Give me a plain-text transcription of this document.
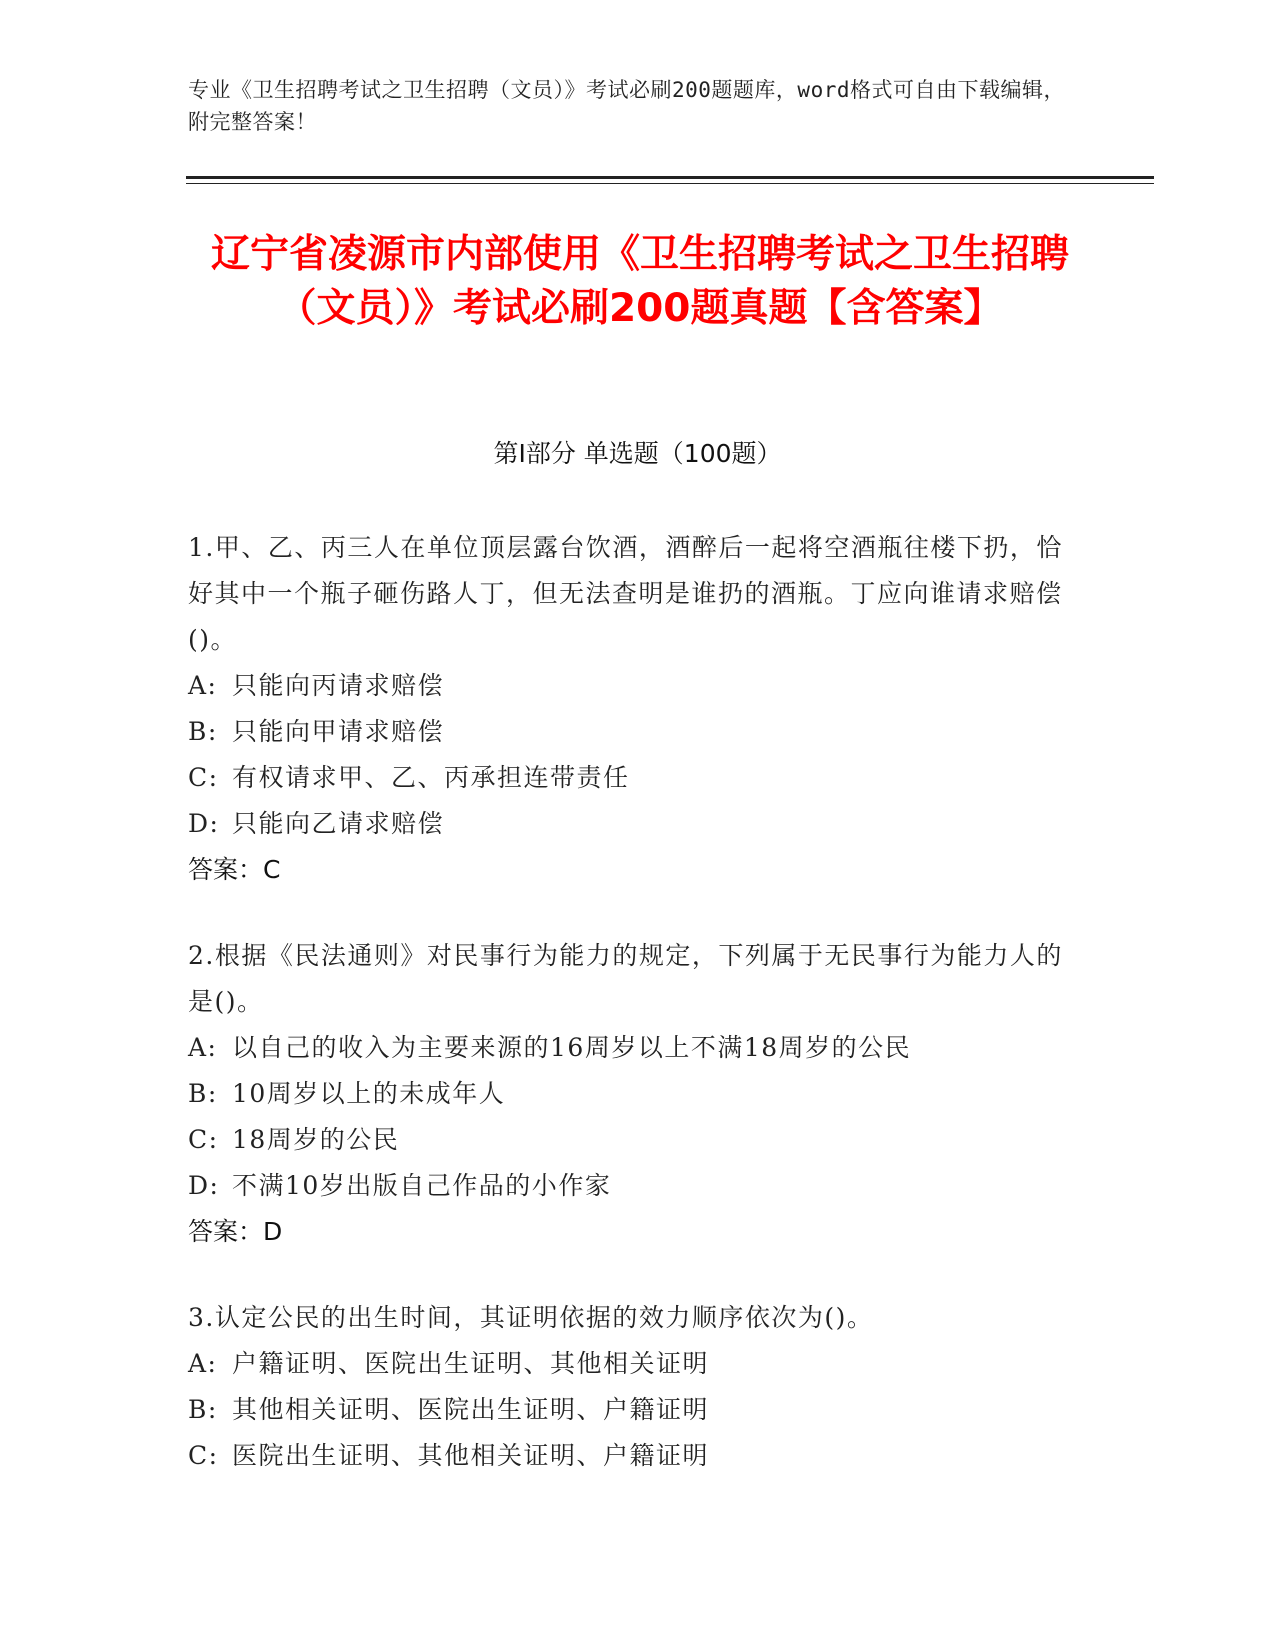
专业《卫生招聘考试之卫生招聘（文员）》考试必刷200题题库，word格式可自由下载编辑，附完整答案！
辽宁省凌源市内部使用《卫生招聘考试之卫生招聘（文员）》考试必刷200题真题【含答案】
第Ⅰ部分 单选题（100题）
1.甲、乙、丙三人在单位顶层露台饮酒，酒醉后一起将空酒瓶往楼下扔，恰好其中一个瓶子砸伤路人丁，但无法查明是谁扔的酒瓶。丁应向谁请求赔偿()。
A: 只能向丙请求赔偿
B: 只能向甲请求赔偿
C: 有权请求甲、乙、丙承担连带责任
D: 只能向乙请求赔偿
答案：C
2.根据《民法通则》对民事行为能力的规定，下列属于无民事行为能力人的是()。
A: 以自己的收入为主要来源的16周岁以上不满18周岁的公民
B: 10周岁以上的未成年人
C: 18周岁的公民
D: 不满10岁出版自己作品的小作家
答案：D
3.认定公民的出生时间，其证明依据的效力顺序依次为()。
A: 户籍证明、医院出生证明、其他相关证明
B: 其他相关证明、医院出生证明、户籍证明
C: 医院出生证明、其他相关证明、户籍证明
